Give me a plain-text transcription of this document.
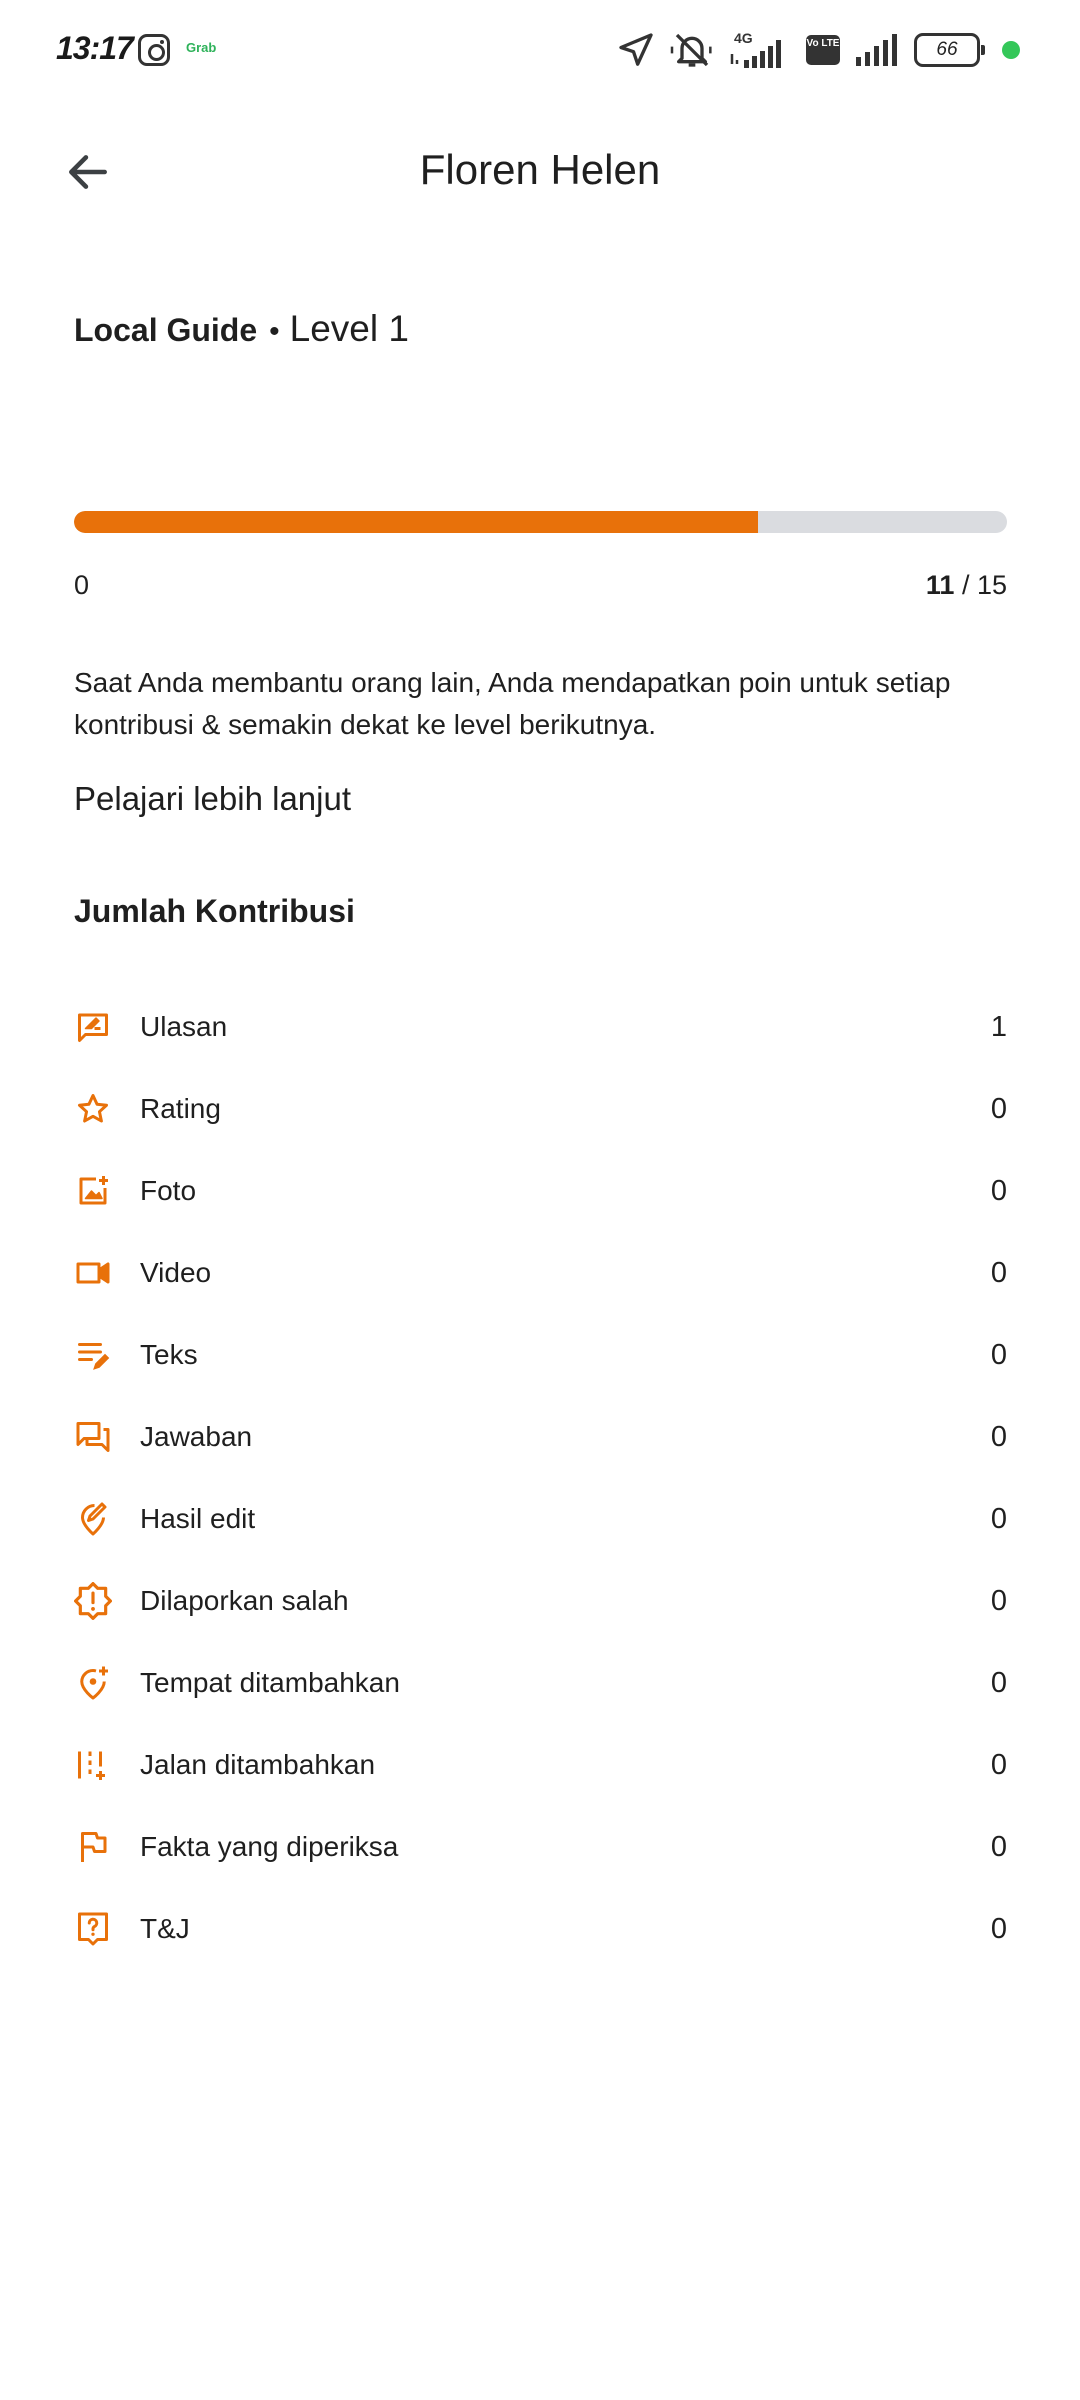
13:17	Grab
4G	Vo LTE	66
Floren Helen
Local Guide • Level 1
0	11 / 15
Saat Anda membantu orang lain, Anda mendapatkan poin untuk setiap kontribusi & semakin dekat ke level berikutnya.
Pelajari lebih lanjut
Jumlah Kontribusi
Ulasan	1
Rating	0
Foto	0
Video	0
Teks	0
Jawaban	0
Hasil edit	0
Dilaporkan salah	0
Tempat ditambahkan	0
Jalan ditambahkan	0
Fakta yang diperiksa	0
T&J	0
